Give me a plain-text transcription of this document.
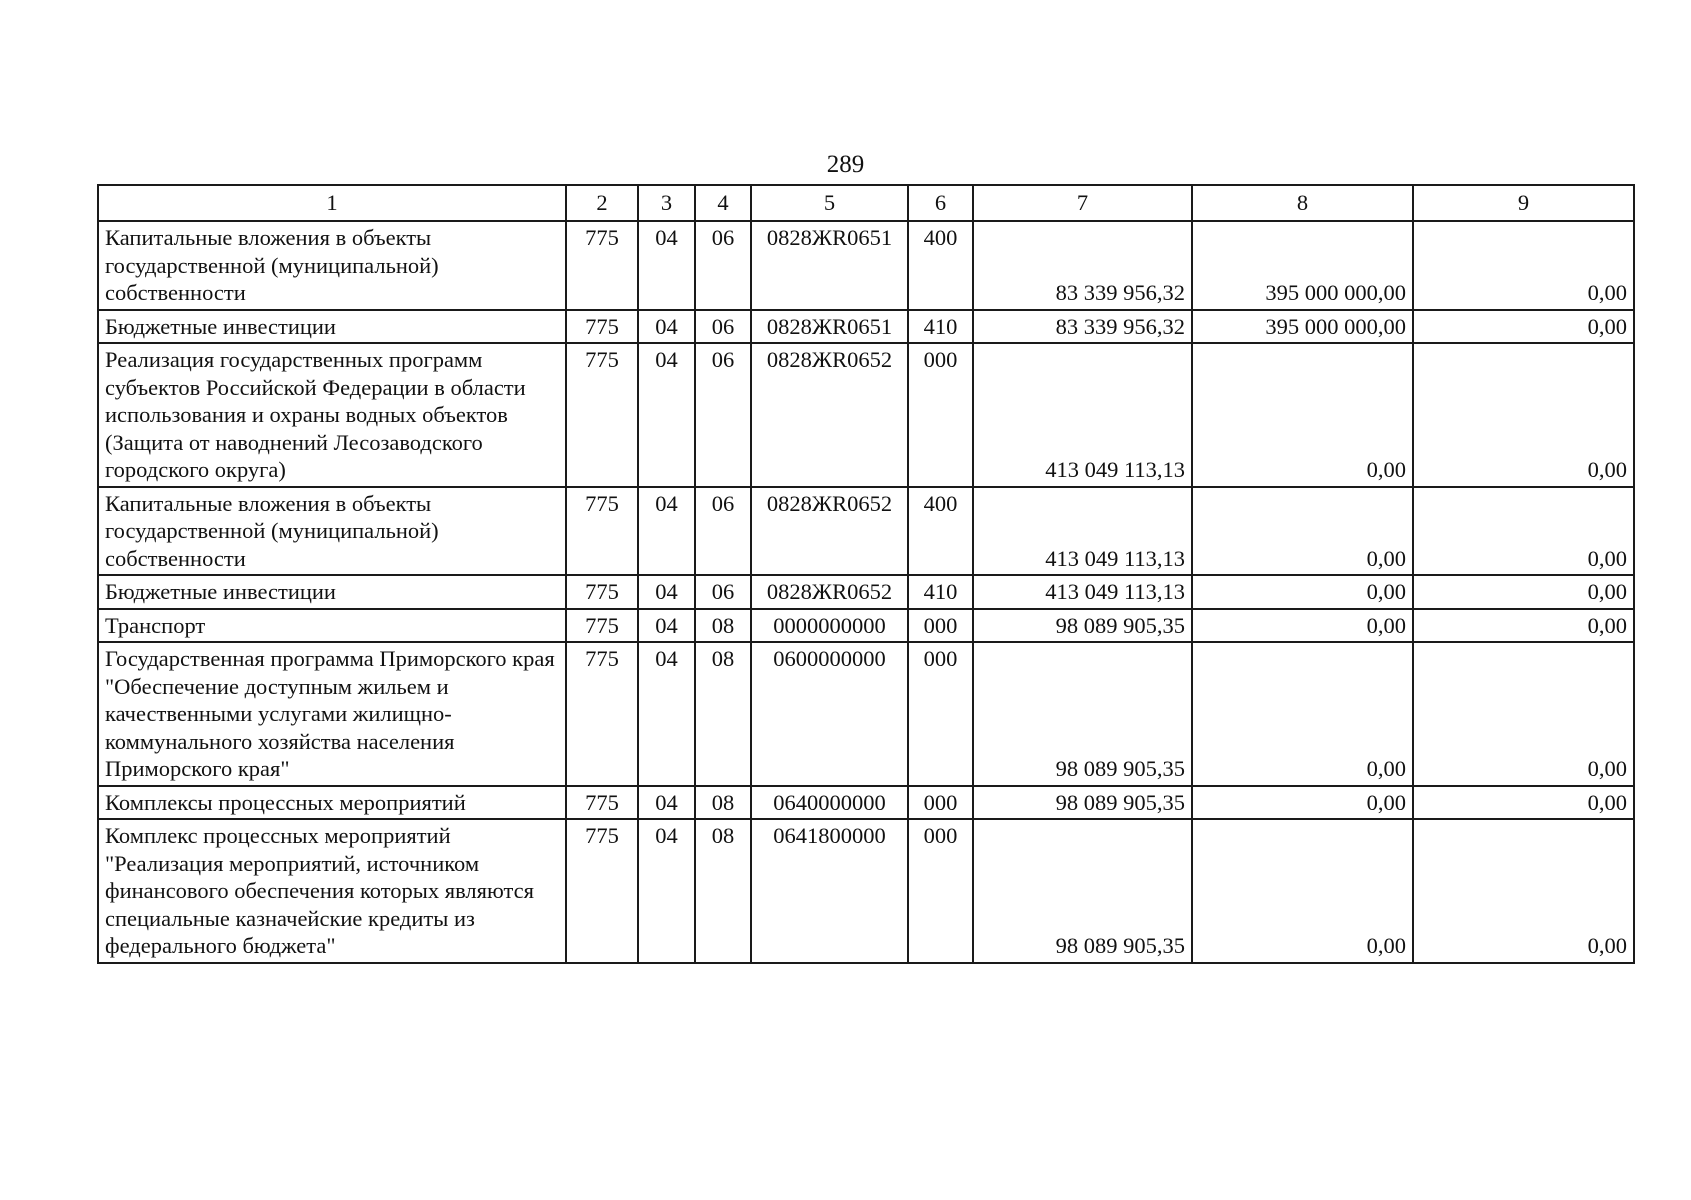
289
1	2	3	4	5	6	7	8	9
Капитальные вложения в объекты государственной (муниципальной) собственности	775	04	06	0828ЖR0651	400	83 339 956,32	395 000 000,00	0,00
Бюджетные инвестиции	775	04	06	0828ЖR0651	410	83 339 956,32	395 000 000,00	0,00
Реализация государственных программ субъектов Российской Федерации в области использования и охраны водных объектов (Защита от наводнений Лесозаводского городского округа)	775	04	06	0828ЖR0652	000	413 049 113,13	0,00	0,00
Капитальные вложения в объекты государственной (муниципальной) собственности	775	04	06	0828ЖR0652	400	413 049 113,13	0,00	0,00
Бюджетные инвестиции	775	04	06	0828ЖR0652	410	413 049 113,13	0,00	0,00
Транспорт	775	04	08	0000000000	000	98 089 905,35	0,00	0,00
Государственная программа Приморского края "Обеспечение доступным жильем и качественными услугами жилищно-коммунального хозяйства населения Приморского края"	775	04	08	0600000000	000	98 089 905,35	0,00	0,00
Комплексы процессных мероприятий	775	04	08	0640000000	000	98 089 905,35	0,00	0,00
Комплекс процессных мероприятий "Реализация мероприятий, источником финансового обеспечения которых являются специальные казначейские кредиты из федерального бюджета"	775	04	08	0641800000	000	98 089 905,35	0,00	0,00
